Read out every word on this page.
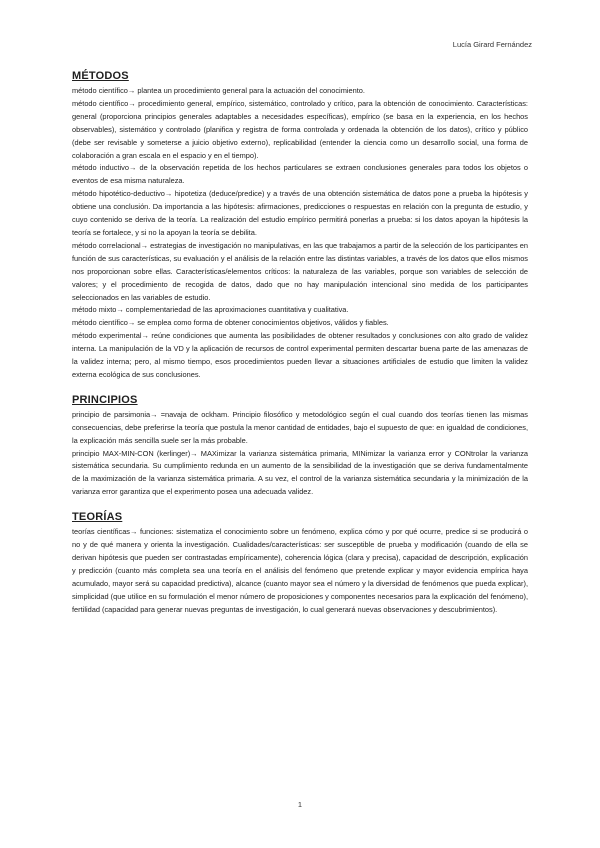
Lucía Girard Fernández
MÉTODOS

método científico→ plantea un procedimiento general para la actuación del conocimiento.

método científico→ procedimiento general, empírico, sistemático, controlado y crítico, para la obtención de conocimiento. Características: general (proporciona principios generales adaptables a necesidades específicas), empírico (se basa en la experiencia, en los hechos observables), sistemático y controlado (planifica y registra de forma controlada y ordenada la obtención de los datos), crítico y público (debe ser revisable y someterse a juicio objetivo externo), replicabilidad (entender la ciencia como un desarrollo social, una forma de colaboración a gran escala en el espacio y en el tiempo).

método inductivo→ de la observación repetida de los hechos particulares se extraen conclusiones generales para todos los objetos o eventos de esa misma naturaleza.

método hipotético-deductivo→ hipotetiza (deduce/predice) y a través de una obtención sistemática de datos pone a prueba la hipótesis y obtiene una conclusión. Da importancia a las hipótesis: afirmaciones, predicciones o respuestas en relación con la pregunta de estudio, y cuyo contenido se deriva de la teoría. La realización del estudio empírico permitirá ponerlas a prueba: si los datos apoyan la hipótesis la teoría se fortalece, y si no la apoyan la teoría se debilita.

método correlacional→ estrategias de investigación no manipulativas, en las que trabajamos a partir de la selección de los participantes en función de sus características, su evaluación y el análisis de la relación entre las distintas variables, a través de los datos que ellos mismos nos proporcionan sobre ellas. Características/elementos críticos: la naturaleza de las variables, porque son variables de selección de valores; y el procedimiento de recogida de datos, dado que no hay manipulación intencional sino medida de los participantes seleccionados en las variables de estudio.

método mixto→ complementariedad de las aproximaciones cuantitativa y cualitativa.

método científico→ se emplea como forma de obtener conocimientos objetivos, válidos y fiables.

método experimental→ reúne condiciones que aumenta las posibilidades de obtener resultados y conclusiones con alto grado de validez interna. La manipulación de la VD y la aplicación de recursos de control experimental permiten descartar buena parte de las amenazas de la validez interna; pero, al mismo tiempo, esos procedimientos pueden llevar a situaciones artificiales de estudio que limiten la validez externa ecológica de sus conclusiones.

PRINCIPIOS

principio de parsimonia→ =navaja de ockham. Principio filosófico y metodológico según el cual cuando dos teorías tienen las mismas consecuencias, debe preferirse la teoría que postula la menor cantidad de entidades, bajo el supuesto de que: en igualdad de condiciones, la explicación más sencilla suele ser la más probable.

principio MAX-MIN-CON (kerlinger)→ MAXimizar la varianza sistemática primaria, MINimizar la varianza error y CONtrolar la varianza sistemática secundaria. Su cumplimiento redunda en un aumento de la sensibilidad de la investigación que se deriva fundamentalmente de la maximización de la varianza sistemática primaria. A su vez, el control de la varianza sistemática secundaria y la minimización de la varianza error garantiza que el experimento posea una adecuada validez.

TEORÍAS

teorías científicas→ funciones: sistematiza el conocimiento sobre un fenómeno, explica cómo y por qué ocurre, predice si se producirá o no y de qué manera y orienta la investigación. Cualidades/características: ser susceptible de prueba y modificación (cuando de ella se derivan hipótesis que pueden ser contrastadas empíricamente), coherencia lógica (clara y precisa), capacidad de descripción, explicación y predicción (cuanto más completa sea una teoría en el análisis del fenómeno que pretende explicar y mayor evidencia empírica haya acumulado, mayor será su capacidad predictiva), alcance (cuanto mayor sea el número y la diversidad de fenómenos que pueda explicar), simplicidad (que utilice en su formulación el menor número de proposiciones y componentes necesarios para la explicación del fenómeno), fertilidad (capacidad para generar nuevas preguntas de investigación, lo cual generará nuevas observaciones y descubrimientos).

1
